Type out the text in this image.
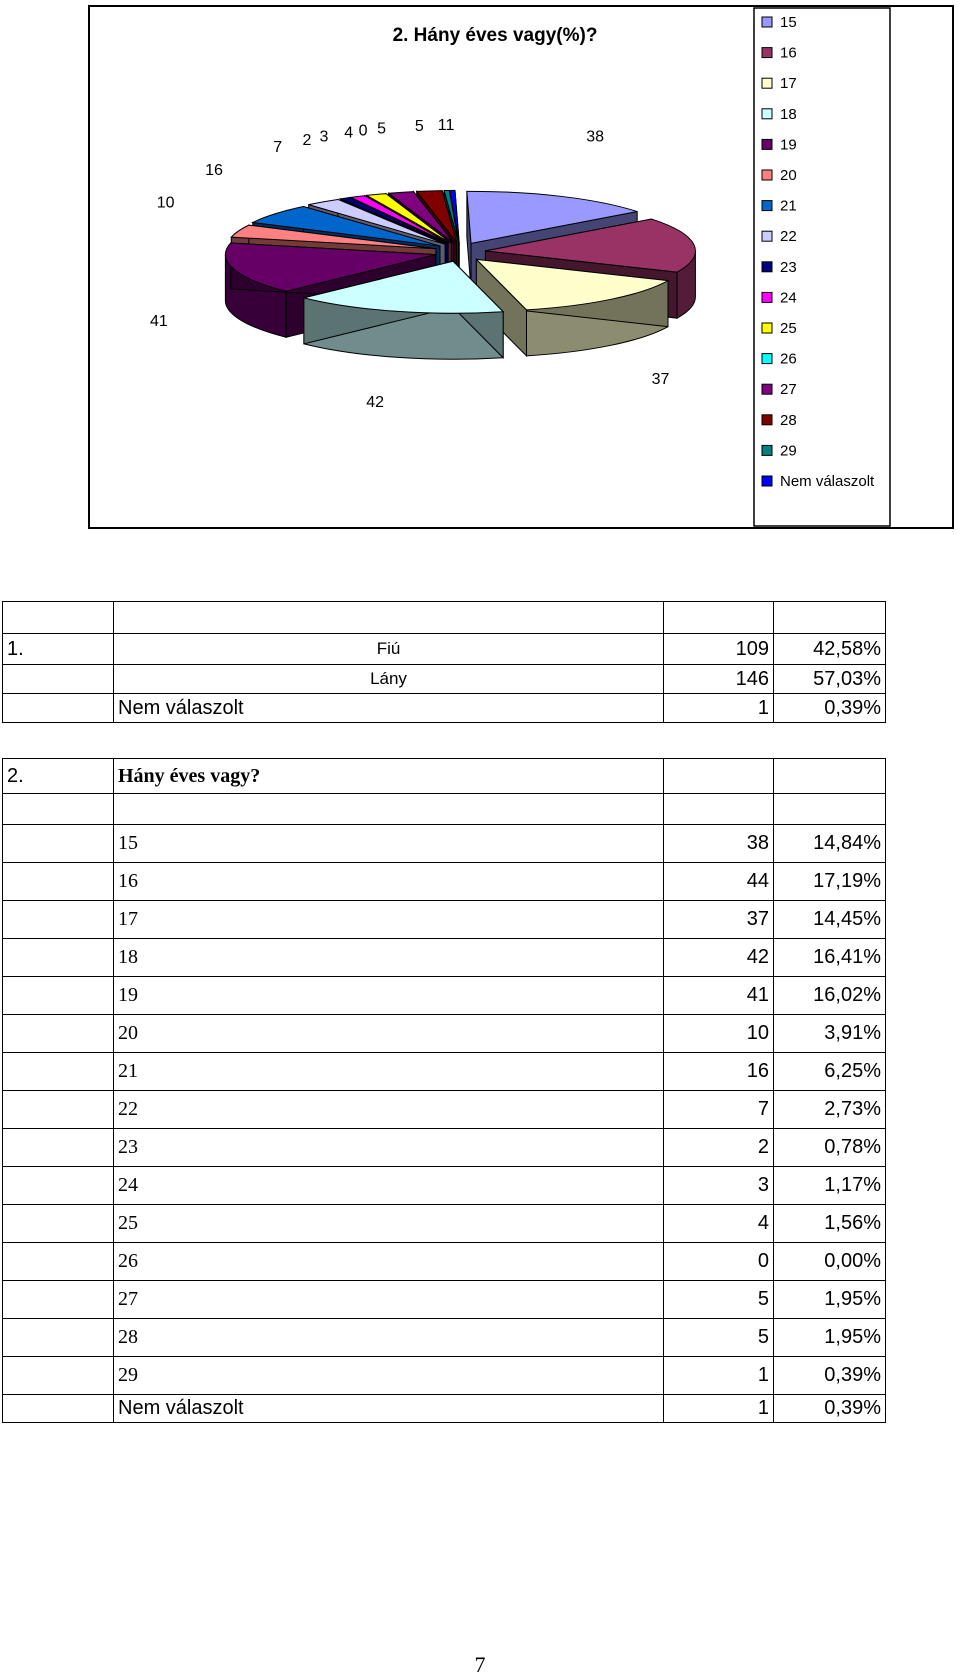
2. Hány éves vagy(%)?
38
37
42
41
10
16
7 2 3 4 0 5 5 1
1
15
16
17
18
19
20
21
22
23
24
25
26
27
28
29
Nem válaszolt

1.	Fiú	109	42,58%
	Lány	146	57,03%
	Nem válaszolt	1	0,39%
2.	Hány éves vagy?		

	15	38	14,84%
	16	44	17,19%
	17	37	14,45%
	18	42	16,41%
	19	41	16,02%
	20	10	3,91%
	21	16	6,25%
	22	7	2,73%
	23	2	0,78%
	24	3	1,17%
	25	4	1,56%
	26	0	0,00%
	27	5	1,95%
	28	5	1,95%
	29	1	0,39%
	Nem válaszolt	1	0,39%
7
